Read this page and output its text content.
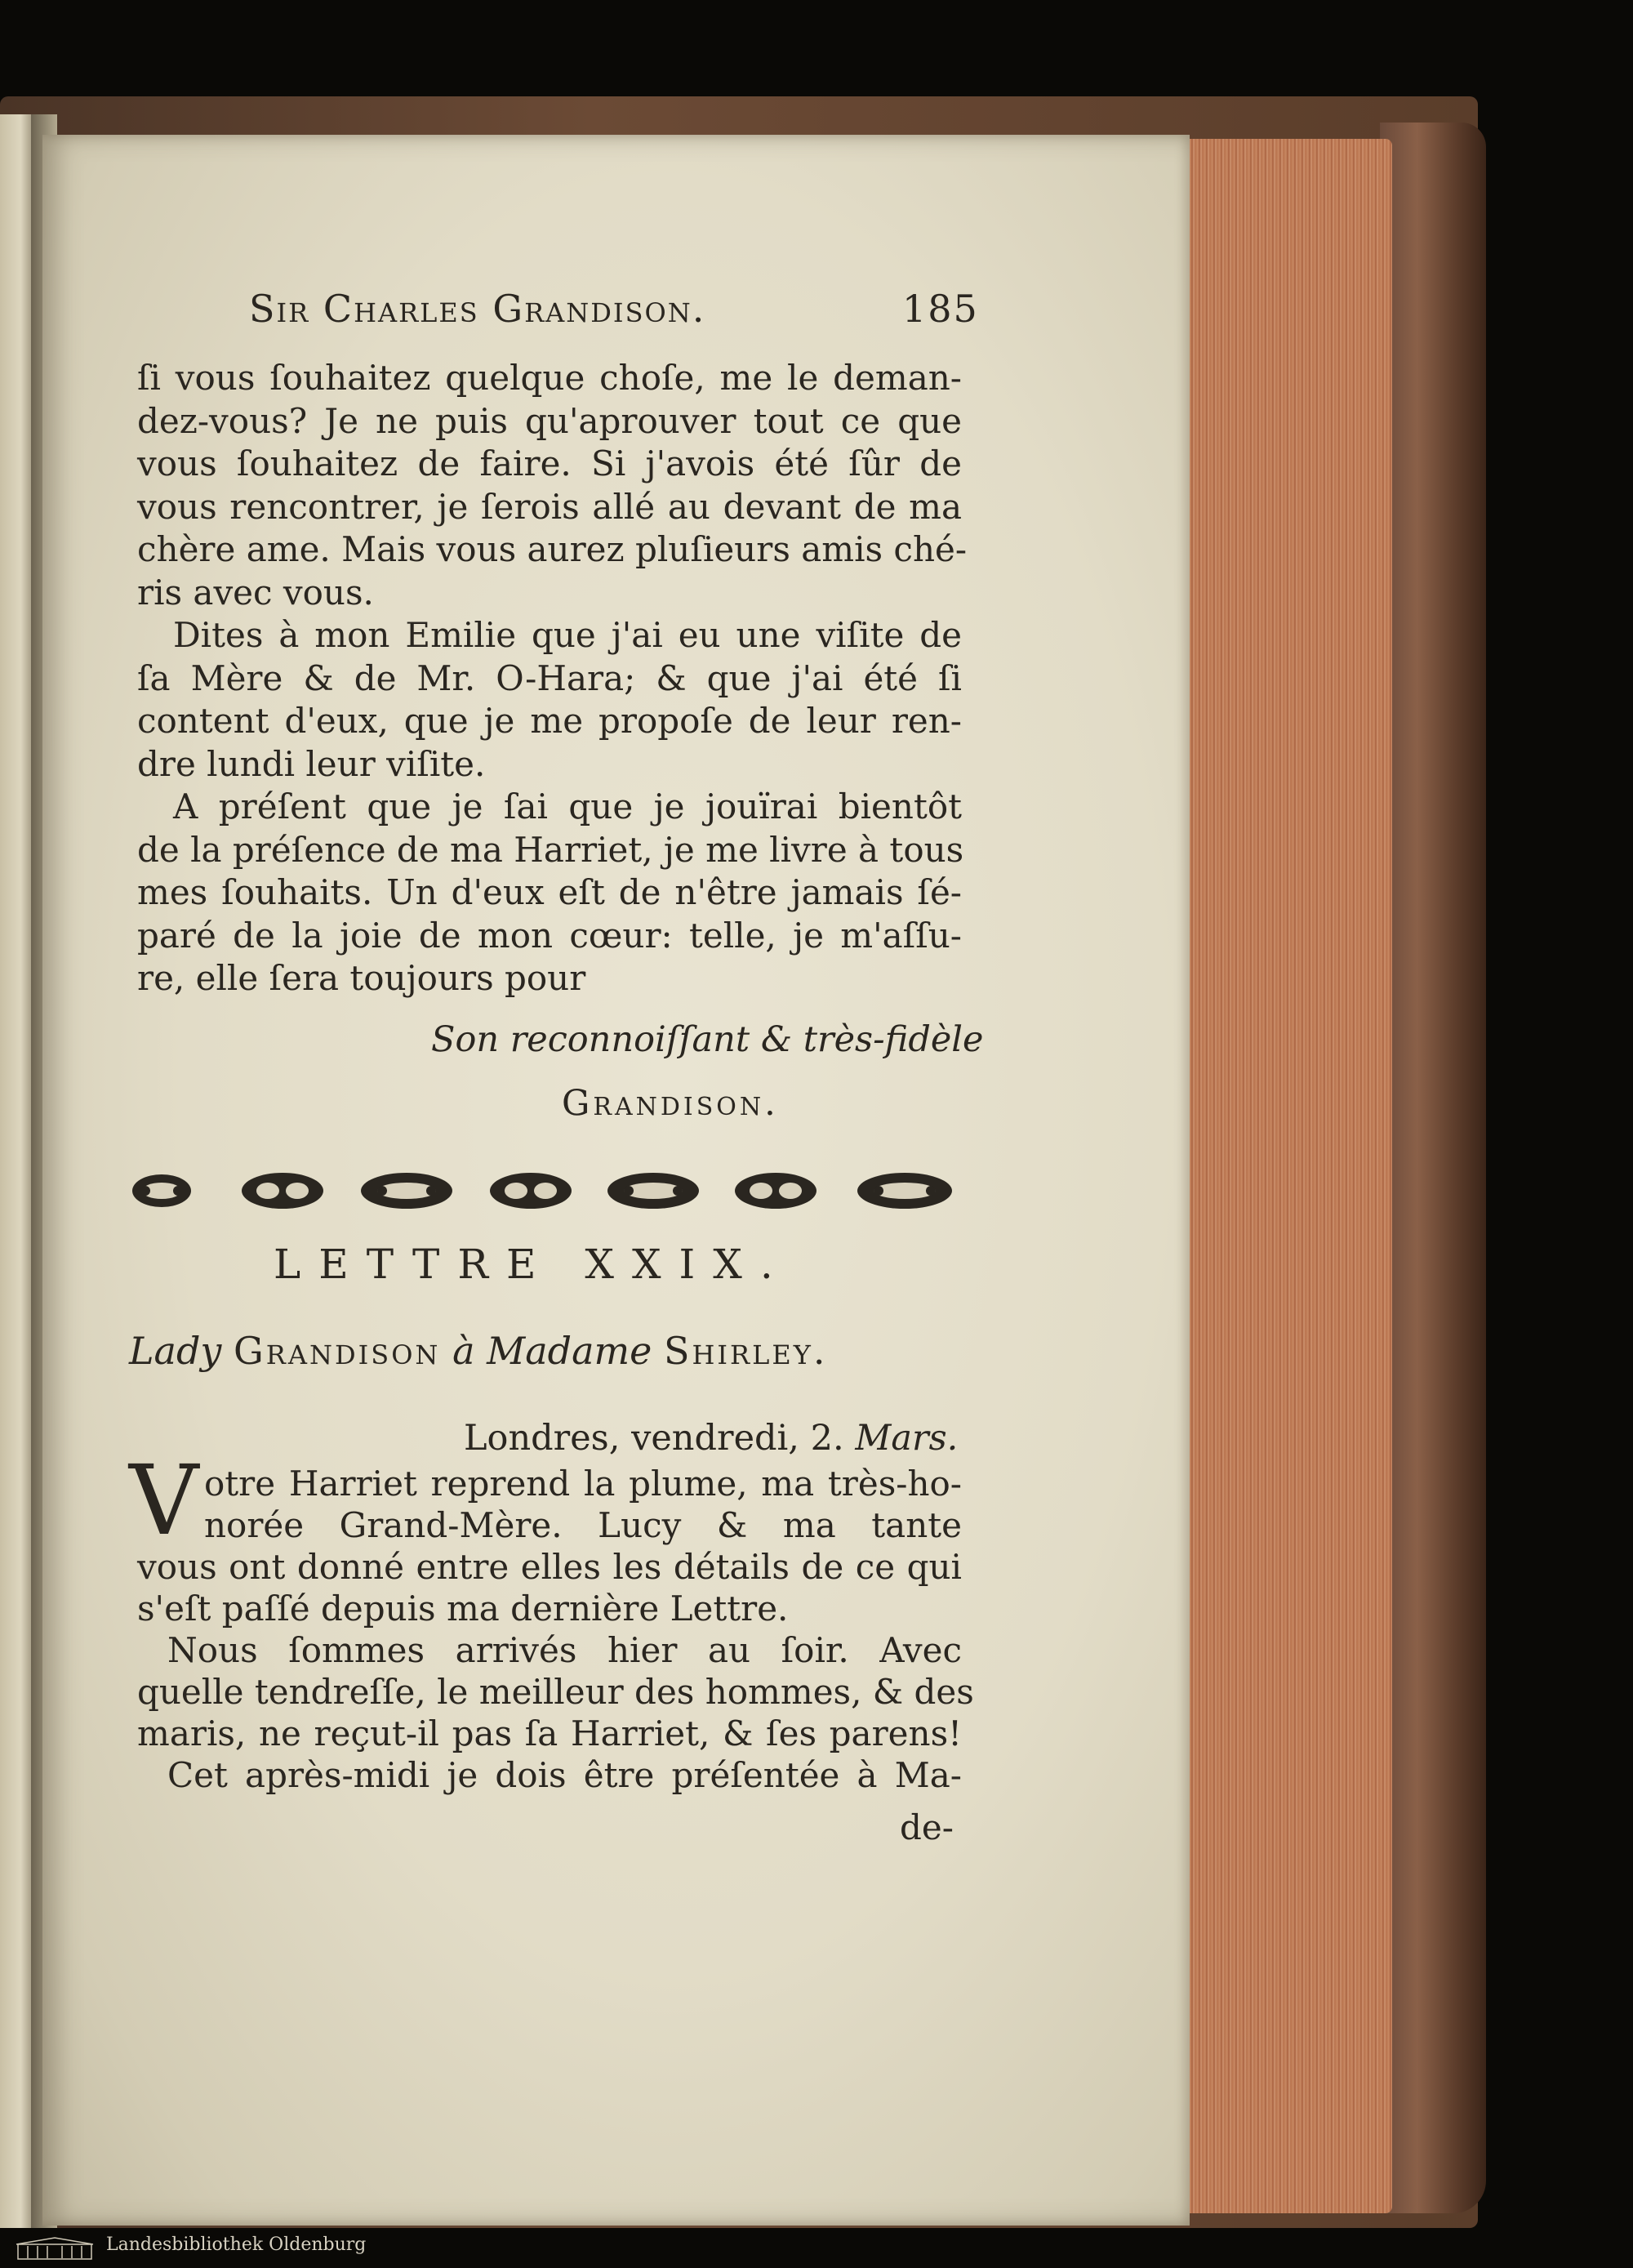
Sir Charles Grandison.	185
ſi vous ſouhaitez quelque choſe, me le deman-
dez-vous? Je ne puis qu'aprouver tout ce que
vous ſouhaitez de faire. Si j'avois été ſûr de
vous rencontrer, je ſerois allé au devant de ma
chère ame. Mais vous aurez pluſieurs amis ché-
ris avec vous.
Dites à mon Emilie que j'ai eu une viſite de
ſa Mère & de Mr. O-Hara; & que j'ai été ſi
content d'eux, que je me propoſe de leur ren-
dre lundi leur viſite.
A préſent que je ſai que je jouïrai bientôt
de la préſence de ma Harriet, je me livre à tous
mes ſouhaits. Un d'eux eſt de n'être jamais ſé-
paré de la joie de mon cœur: telle, je m'aſſu-
re, elle ſera toujours pour
Son reconnoiſſant & très-fidèle
Grandison.
LETTRE XXIX.
Lady Grandison à Madame Shirley.
Londres, vendredi, 2. Mars.
V otre Harriet reprend la plume, ma très-ho-
norée Grand-Mère. Lucy & ma tante
vous ont donné entre elles les détails de ce qui
s'eſt paſſé depuis ma dernière Lettre.
Nous ſommes arrivés hier au ſoir. Avec
quelle tendreſſe, le meilleur des hommes, & des
maris, ne reçut-il pas ſa Harriet, & ſes parens!
Cet après-midi je dois être préſentée à Ma-
de-
Landesbibliothek Oldenburg
